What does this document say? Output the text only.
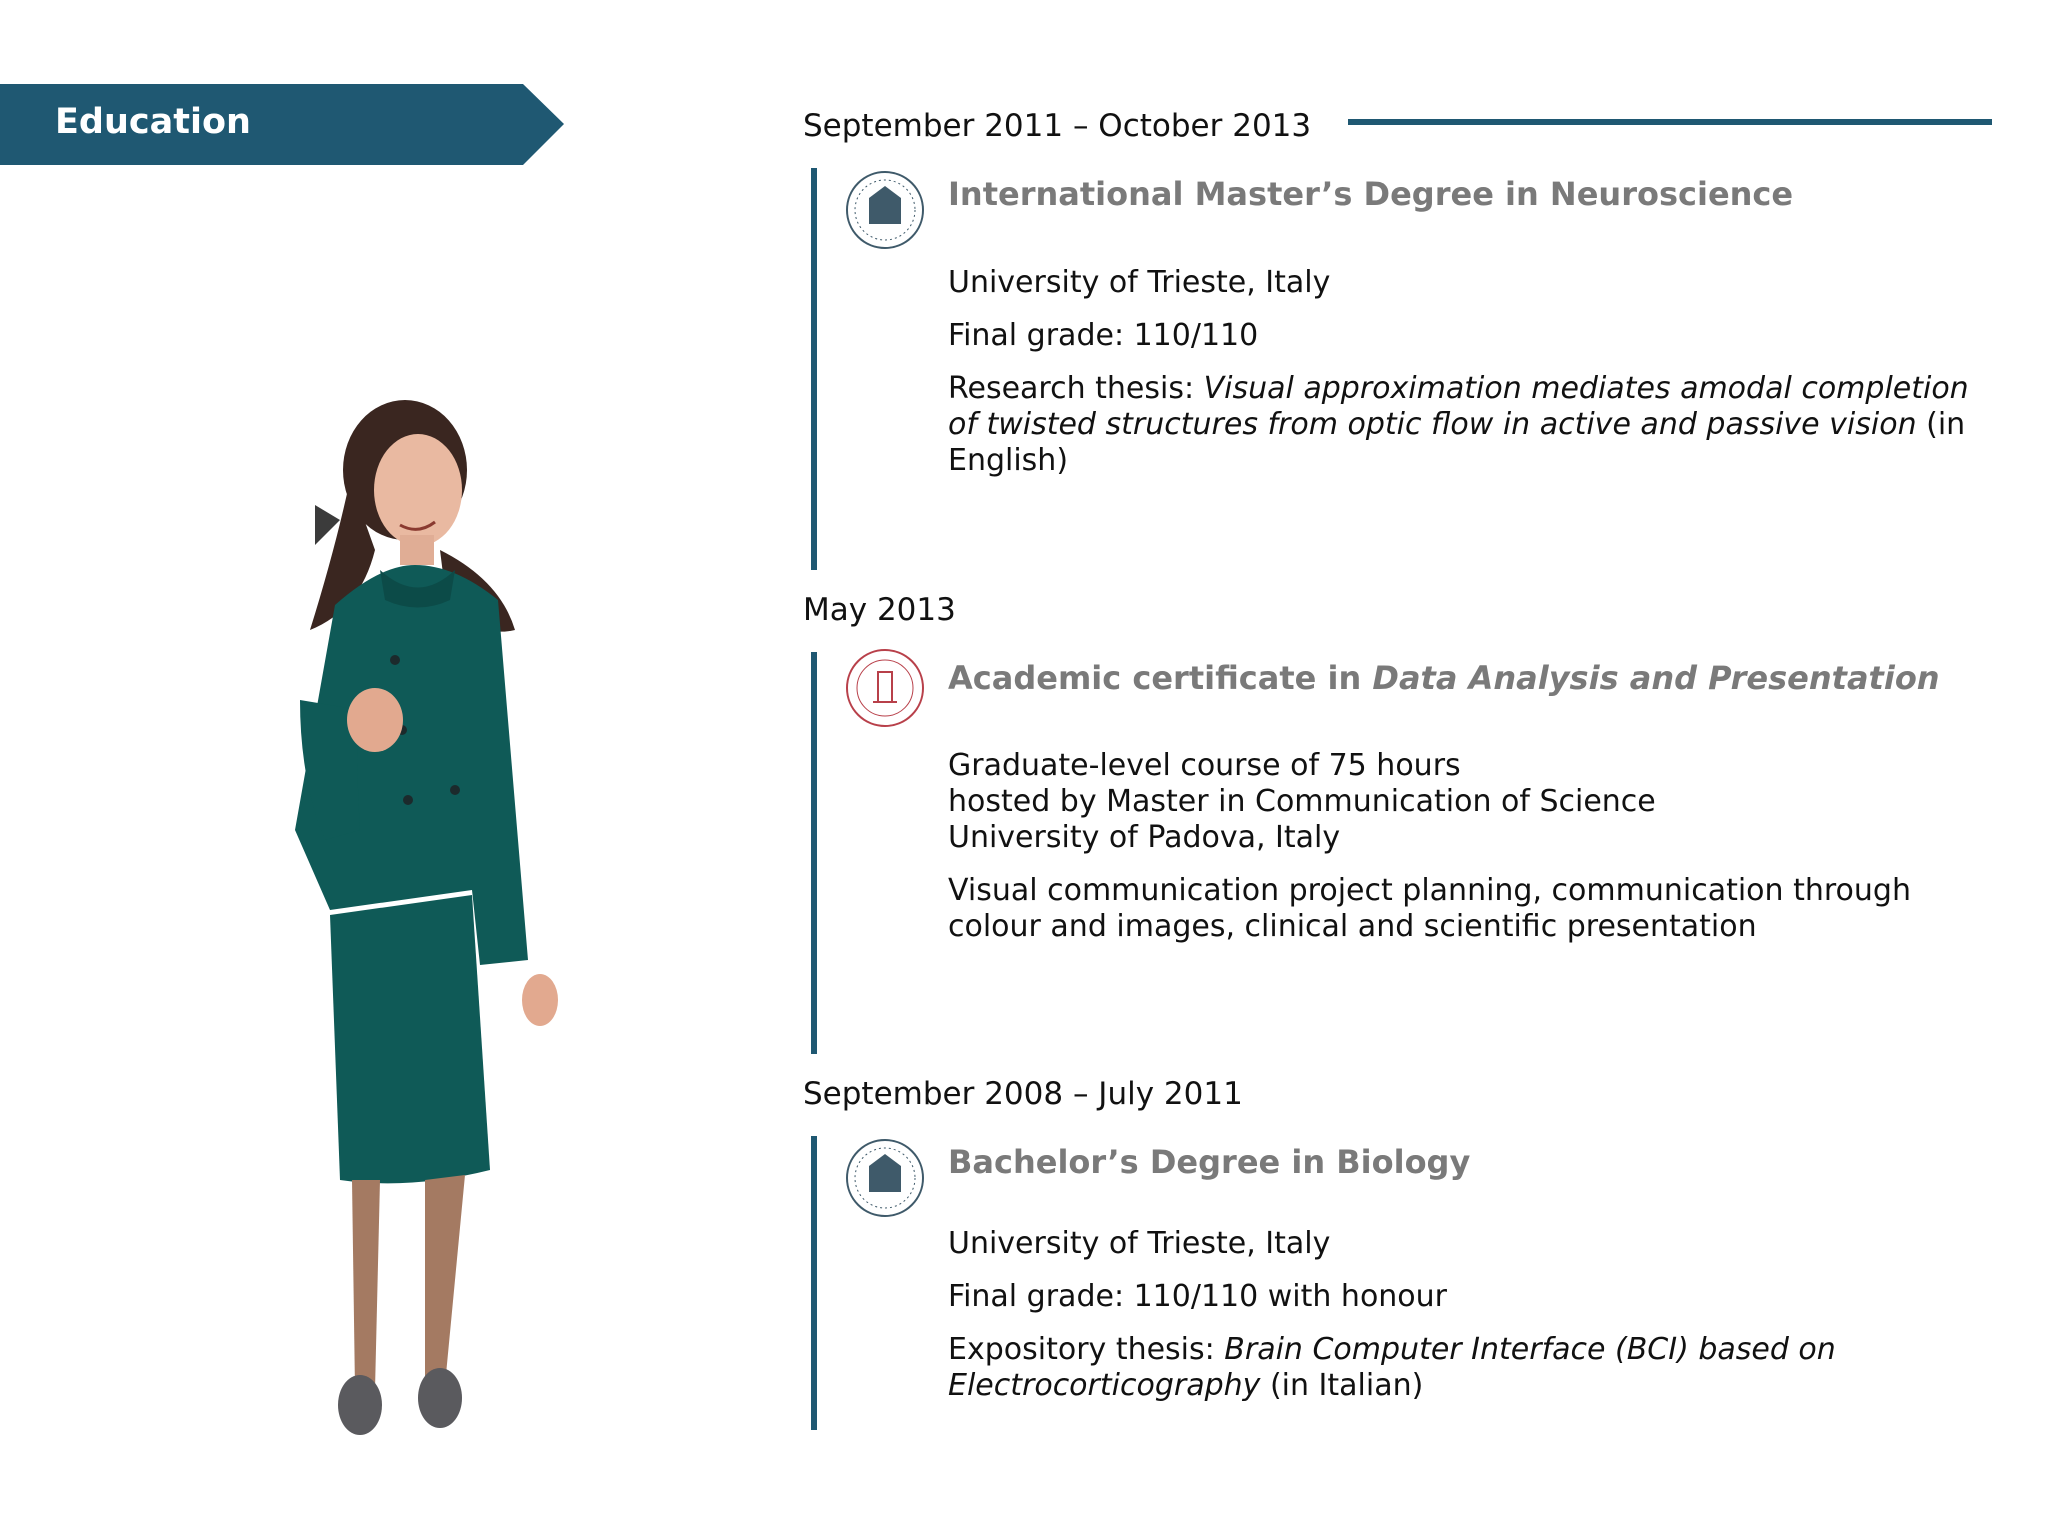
Education	September 2011 – October 2013
International Master’s Degree in Neuroscience
University of Trieste, Italy
Final grade: 110/110
Research thesis: Visual approximation mediates amodal completion of twisted structures from optic flow in active and passive vision (in English)
May 2013
Academic certificate in Data Analysis and Presentation
Graduate-level course of 75 hours
hosted by Master in Communication of Science
University of Padova, Italy
Visual communication project planning, communication through colour and images, clinical and scientific presentation
September 2008 – July 2011
Bachelor’s Degree in Biology
University of Trieste, Italy
Final grade: 110/110 with honour
Expository thesis: Brain Computer Interface (BCI) based on Electrocorticography (in Italian)
